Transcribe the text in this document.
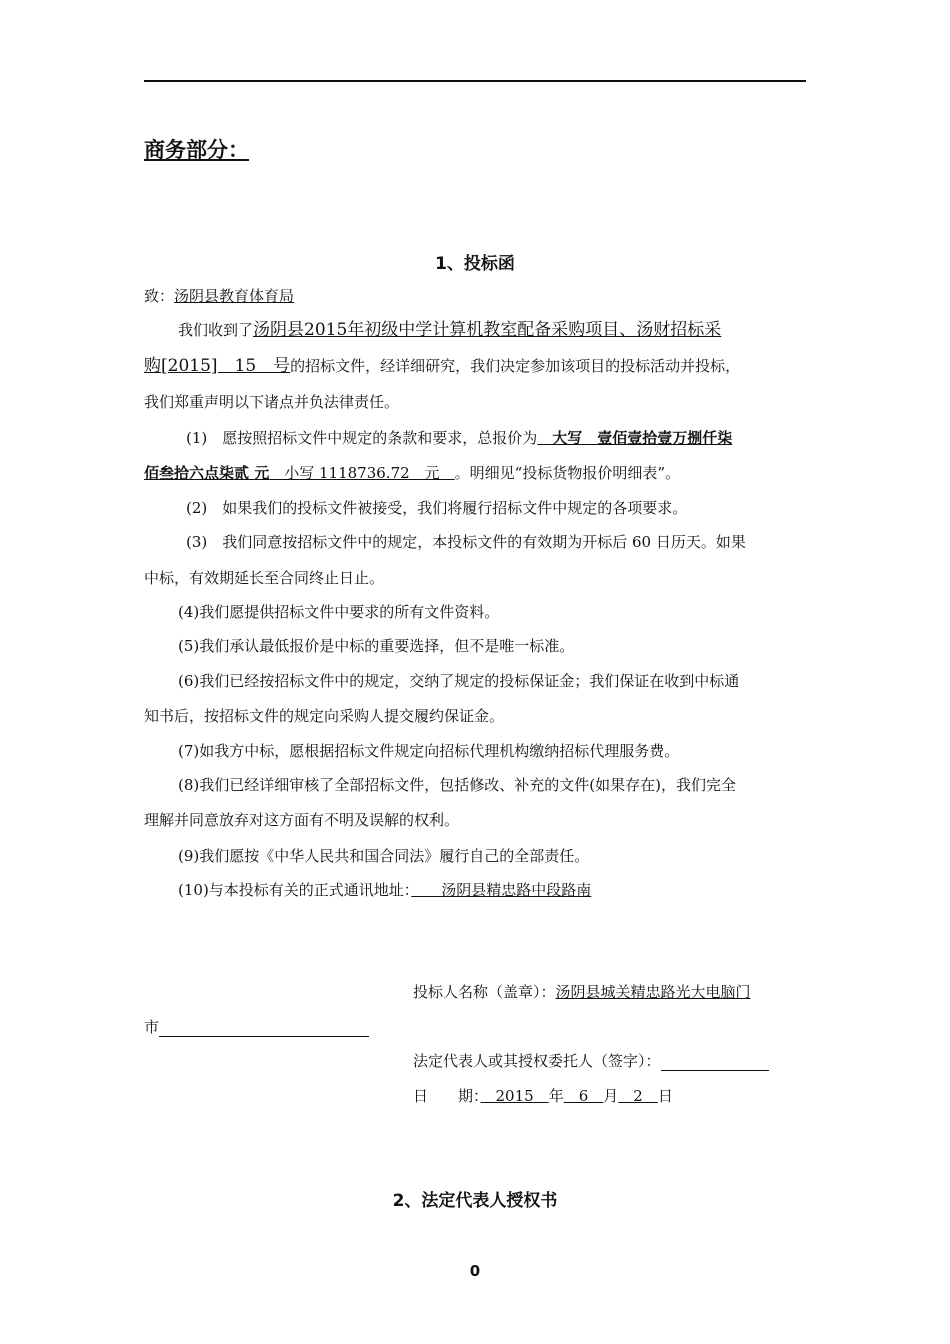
商务部分：
1、投标函
致：汤阴县教育体育局
我们收到了汤阴县2015年初级中学计算机教室配备采购项目、汤财招标采
购[2015]　15　号的招标文件，经详细研究，我们决定参加该项目的投标活动并投标，
我们郑重声明以下诸点并负法律责任。
(1)　愿按照招标文件中规定的条款和要求，总报价为　大写　壹佰壹拾壹万捌仟柒
佰叁拾六点柒贰 元　小写 1118736.72　元　。明细见“投标货物报价明细表”。
(2)　如果我们的投标文件被接受，我们将履行招标文件中规定的各项要求。
(3)　我们同意按招标文件中的规定，本投标文件的有效期为开标后 60 日历天。如果
中标，有效期延长至合同终止日止。
(4)我们愿提供招标文件中要求的所有文件资料。
(5)我们承认最低报价是中标的重要选择，但不是唯一标准。
(6)我们已经按招标文件中的规定，交纳了规定的投标保证金；我们保证在收到中标通
知书后，按招标文件的规定向采购人提交履约保证金。
(7)如我方中标，愿根据招标文件规定向招标代理机构缴纳招标代理服务费。
(8)我们已经详细审核了全部招标文件，包括修改、补充的文件(如果存在)，我们完全
理解并同意放弃对这方面有不明及误解的权利。
(9)我们愿按《中华人民共和国合同法》履行自己的全部责任。
(10)与本投标有关的正式通讯地址：　　汤阴县精忠路中段路南
投标人名称（盖章）：汤阴县城关精忠路光大电脑门
市
法定代表人或其授权委托人（签字）：
日　　期：　2015　年　6　月　2　日
2、法定代表人授权书
0
